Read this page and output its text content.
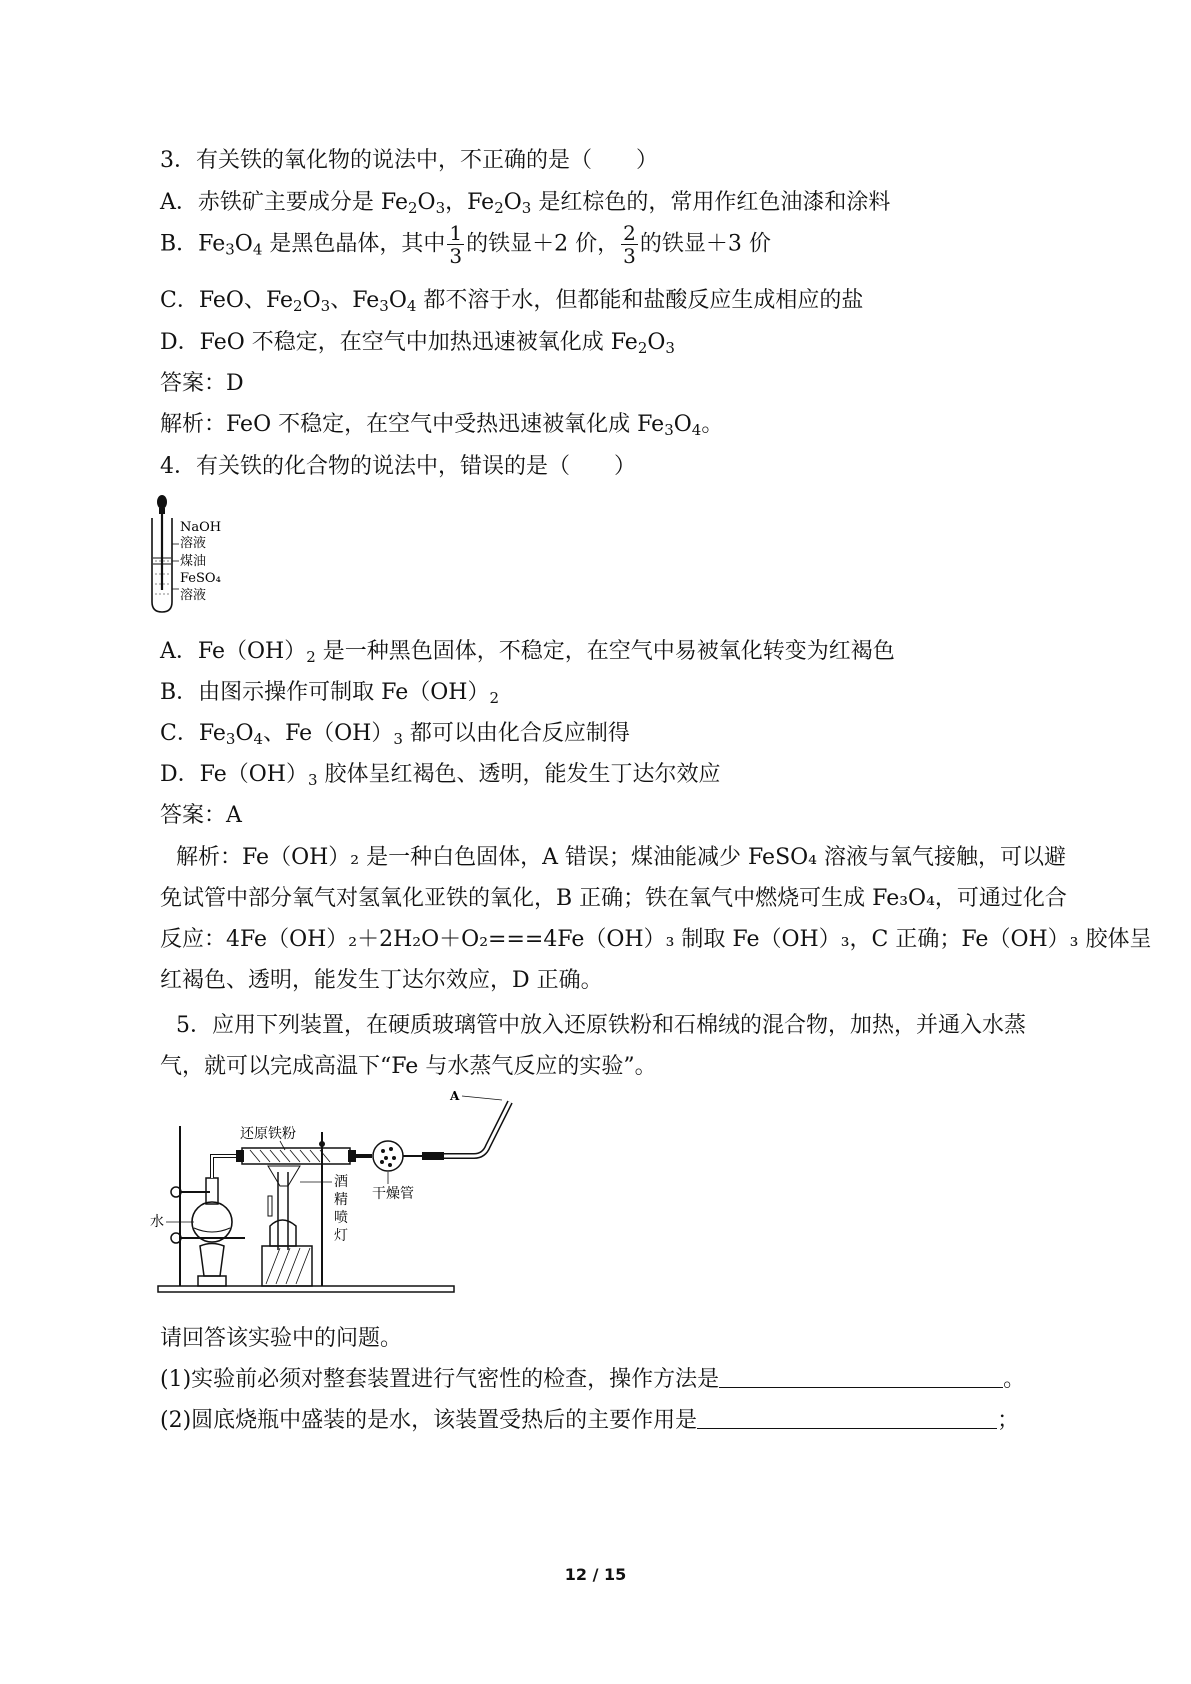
3．有关铁的氧化物的说法中，不正确的是（　　）
A．赤铁矿主要成分是 $Fe_2O_3$，$Fe_2O_3$ 是红棕色的，常用作红色油漆和涂料
B．$Fe_3O_4$ 是黑色晶体，其中 $\frac{1}{3}$ 的铁显＋2 价， $\frac{2}{3}$ 的铁显＋3 价
C．FeO、$Fe_2O_3$、$Fe_3O_4$ 都不溶于水，但都能和盐酸反应生成相应的盐
D．FeO 不稳定，在空气中加热迅速被氧化成 $Fe_2O_3$
答案：D
解析：FeO 不稳定，在空气中受热迅速被氧化成 $Fe_3O_4$。
4．有关铁的化合物的说法中，错误的是（　　）
NaOH
溶液
煤油
FeSO₄
溶液
A．$Fe(OH)_2$ 是一种黑色固体，不稳定，在空气中易被氧化转变为红褐色
B．由图示操作可制取 $Fe(OH)_2$
C．$Fe_3O_4$、$Fe(OH)_3$ 都可以由化合反应制得
D．$Fe(OH)_3$ 胶体呈红褐色、透明，能发生丁达尔效应
答案：A
解析：Fe（OH）₂ 是一种白色固体，A 错误；煤油能减少 FeSO₄ 溶液与氧气接触，可以避
免试管中部分氧气对氢氧化亚铁的氧化，B 正确；铁在氧气中燃烧可生成 Fe₃O₄，可通过化合
反应：4Fe（OH）₂＋2H₂O＋O₂===4Fe（OH）₃ 制取 Fe（OH）₃，C 正确；Fe（OH）₃ 胶体呈
红褐色、透明，能发生丁达尔效应，D 正确。
5．应用下列装置，在硬质玻璃管中放入还原铁粉和石棉绒的混合物，加热，并通入水蒸
气，就可以完成高温下“Fe 与水蒸气反应的实验”。
水
还原铁粉
酒
精
喷
灯
干燥管
A
请回答该实验中的问题。
(1)实验前必须对整套装置进行气密性的检查，操作方法是	。
(2)圆底烧瓶中盛装的是水，该装置受热后的主要作用是	；
12 / 15
